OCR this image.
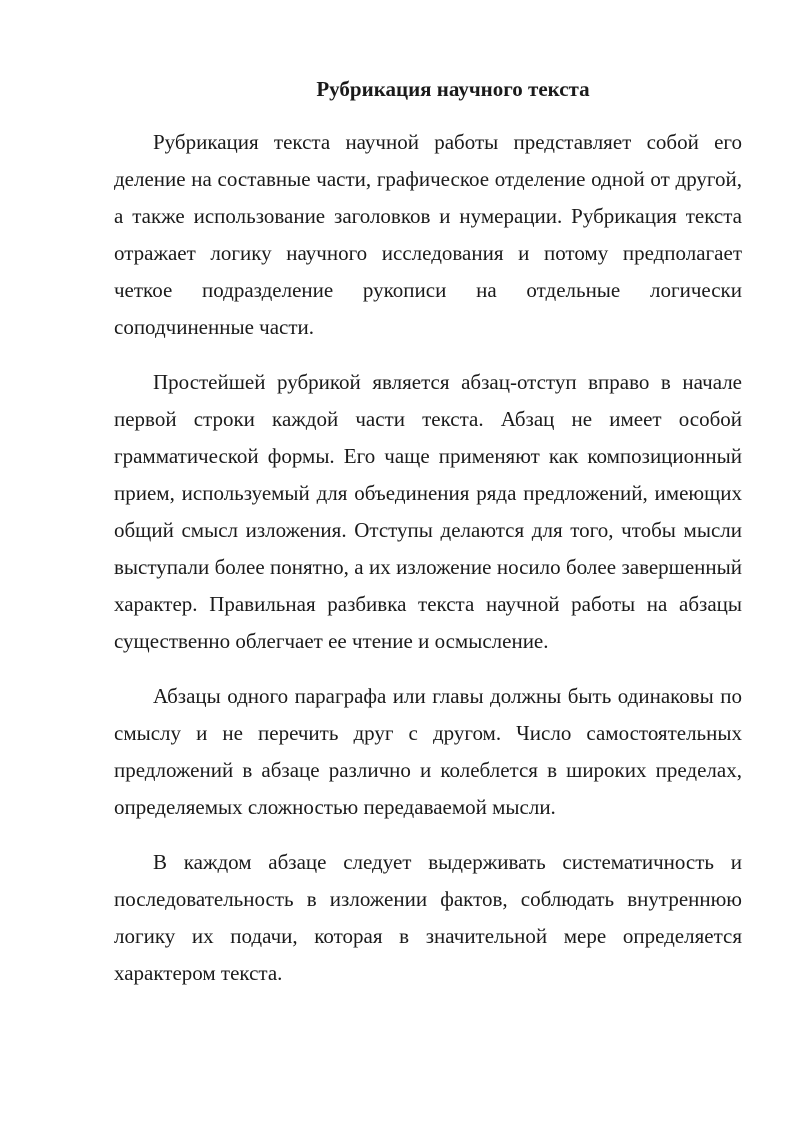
Рубрикация научного текста

Рубрикация текста научной работы представляет собой его деление на составные части, графическое отделение одной от другой, а также использование заголовков и нумерации. Рубрикация текста отражает логику научного исследования и потому предполагает четкое подразделение рукописи на отдельные логически соподчиненные части.

Простейшей рубрикой является абзац-отступ вправо в начале первой строки каждой части текста. Абзац не имеет особой грамматической формы. Его чаще применяют как композиционный прием, используемый для объединения ряда предложений, имеющих общий смысл изложения. Отступы делаются для того, чтобы мысли выступали более понятно, а их изложение носило более завершенный характер. Правильная разбивка текста научной работы на абзацы существенно облегчает ее чтение и осмысление.

Абзацы одного параграфа или главы должны быть одинаковы по смыслу и не перечить друг с другом. Число самостоятельных предложений в абзаце различно и колеблется в широких пределах, определяемых сложностью передаваемой мысли.

В каждом абзаце следует выдерживать систематичность и последовательность в изложении фактов, соблюдать внутреннюю логику их подачи, которая в значительной мере определяется характером текста.
